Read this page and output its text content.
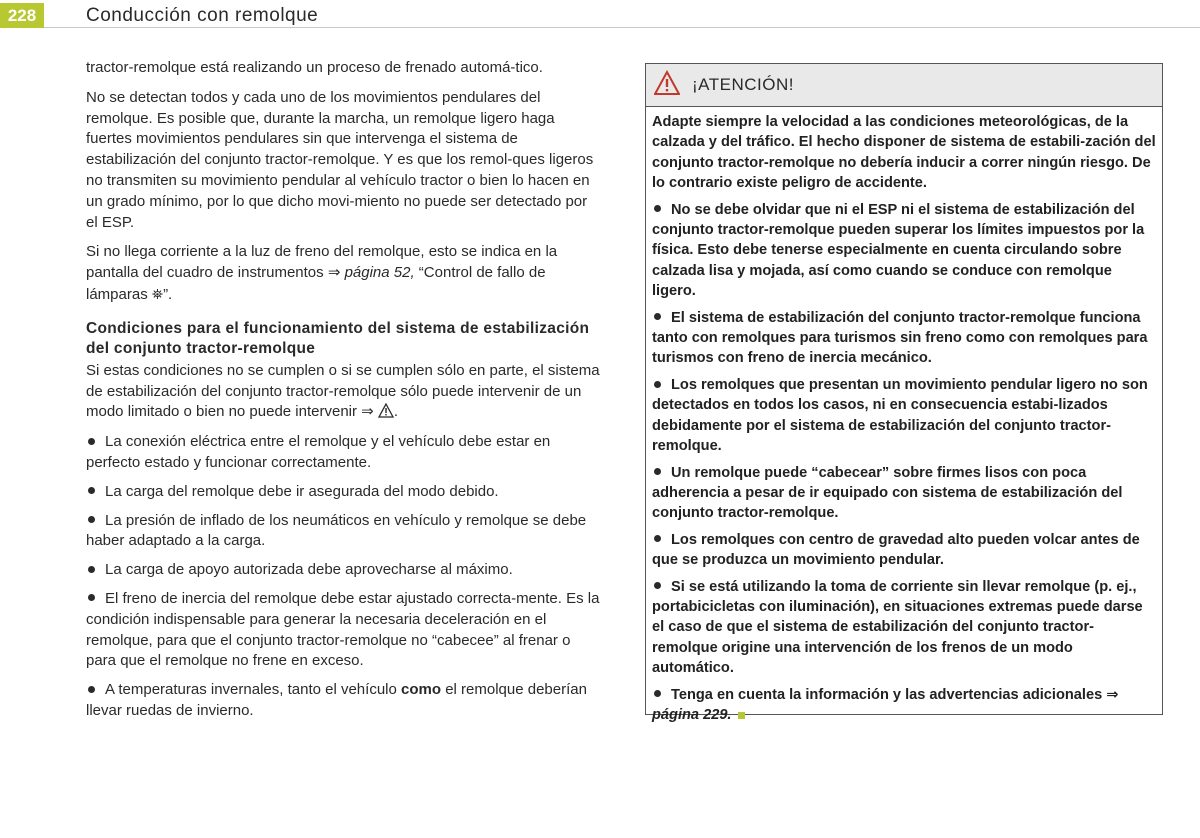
228	Conducción con remolque

tractor-remolque está realizando un proceso de frenado automá-tico.

No se detectan todos y cada uno de los movimientos pendulares del remolque. Es posible que, durante la marcha, un remolque ligero haga fuertes movimientos pendulares sin que intervenga el sistema de estabilización del conjunto tractor-remolque. Y es que los remol-ques ligeros no transmiten su movimiento pendular al vehículo tractor o bien lo hacen en un grado mínimo, por lo que dicho movi-miento no puede ser detectado por el ESP.

Si no llega corriente a la luz de freno del remolque, esto se indica en la pantalla del cuadro de instrumentos ⇒ página 52, “Control de fallo de lámparas ⛯”.

Condiciones para el funcionamiento del sistema de estabilización del conjunto tractor-remolque

Si estas condiciones no se cumplen o si se cumplen sólo en parte, el sistema de estabilización del conjunto tractor-remolque sólo puede intervenir de un modo limitado o bien no puede intervenir ⇒ .

La conexión eléctrica entre el remolque y el vehículo debe estar en perfecto estado y funcionar correctamente.
La carga del remolque debe ir asegurada del modo debido.
La presión de inflado de los neumáticos en vehículo y remolque se debe haber adaptado a la carga.
La carga de apoyo autorizada debe aprovecharse al máximo.
El freno de inercia del remolque debe estar ajustado correcta-mente. Es la condición indispensable para generar la necesaria deceleración en el remolque, para que el conjunto tractor-remolque no “cabecee” al frenar o para que el remolque no frene en exceso.
A temperaturas invernales, tanto el vehículo como el remolque deberían llevar ruedas de invierno.
¡ATENCIÓN!

Adapte siempre la velocidad a las condiciones meteorológicas, de la calzada y del tráfico. El hecho disponer de sistema de estabili-zación del conjunto tractor-remolque no debería inducir a correr ningún riesgo. De lo contrario existe peligro de accidente.

No se debe olvidar que ni el ESP ni el sistema de estabilización del conjunto tractor-remolque pueden superar los límites impuestos por la física. Esto debe tenerse especialmente en cuenta circulando sobre calzada lisa y mojada, así como cuando se conduce con remolque ligero.

El sistema de estabilización del conjunto tractor-remolque funciona tanto con remolques para turismos sin freno como con remolques para turismos con freno de inercia mecánico.

Los remolques que presentan un movimiento pendular ligero no son detectados en todos los casos, ni en consecuencia estabi-lizados debidamente por el sistema de estabilización del conjunto tractor-remolque.

Un remolque puede “cabecear” sobre firmes lisos con poca adherencia a pesar de ir equipado con sistema de estabilización del conjunto tractor-remolque.

Los remolques con centro de gravedad alto pueden volcar antes de que se produzca un movimiento pendular.

Si se está utilizando la toma de corriente sin llevar remolque (p. ej., portabicicletas con iluminación), en situaciones extremas puede darse el caso de que el sistema de estabilización del conjunto tractor-remolque origine una intervención de los frenos de un modo automático.

Tenga en cuenta la información y las advertencias adicionales ⇒ página 229.
